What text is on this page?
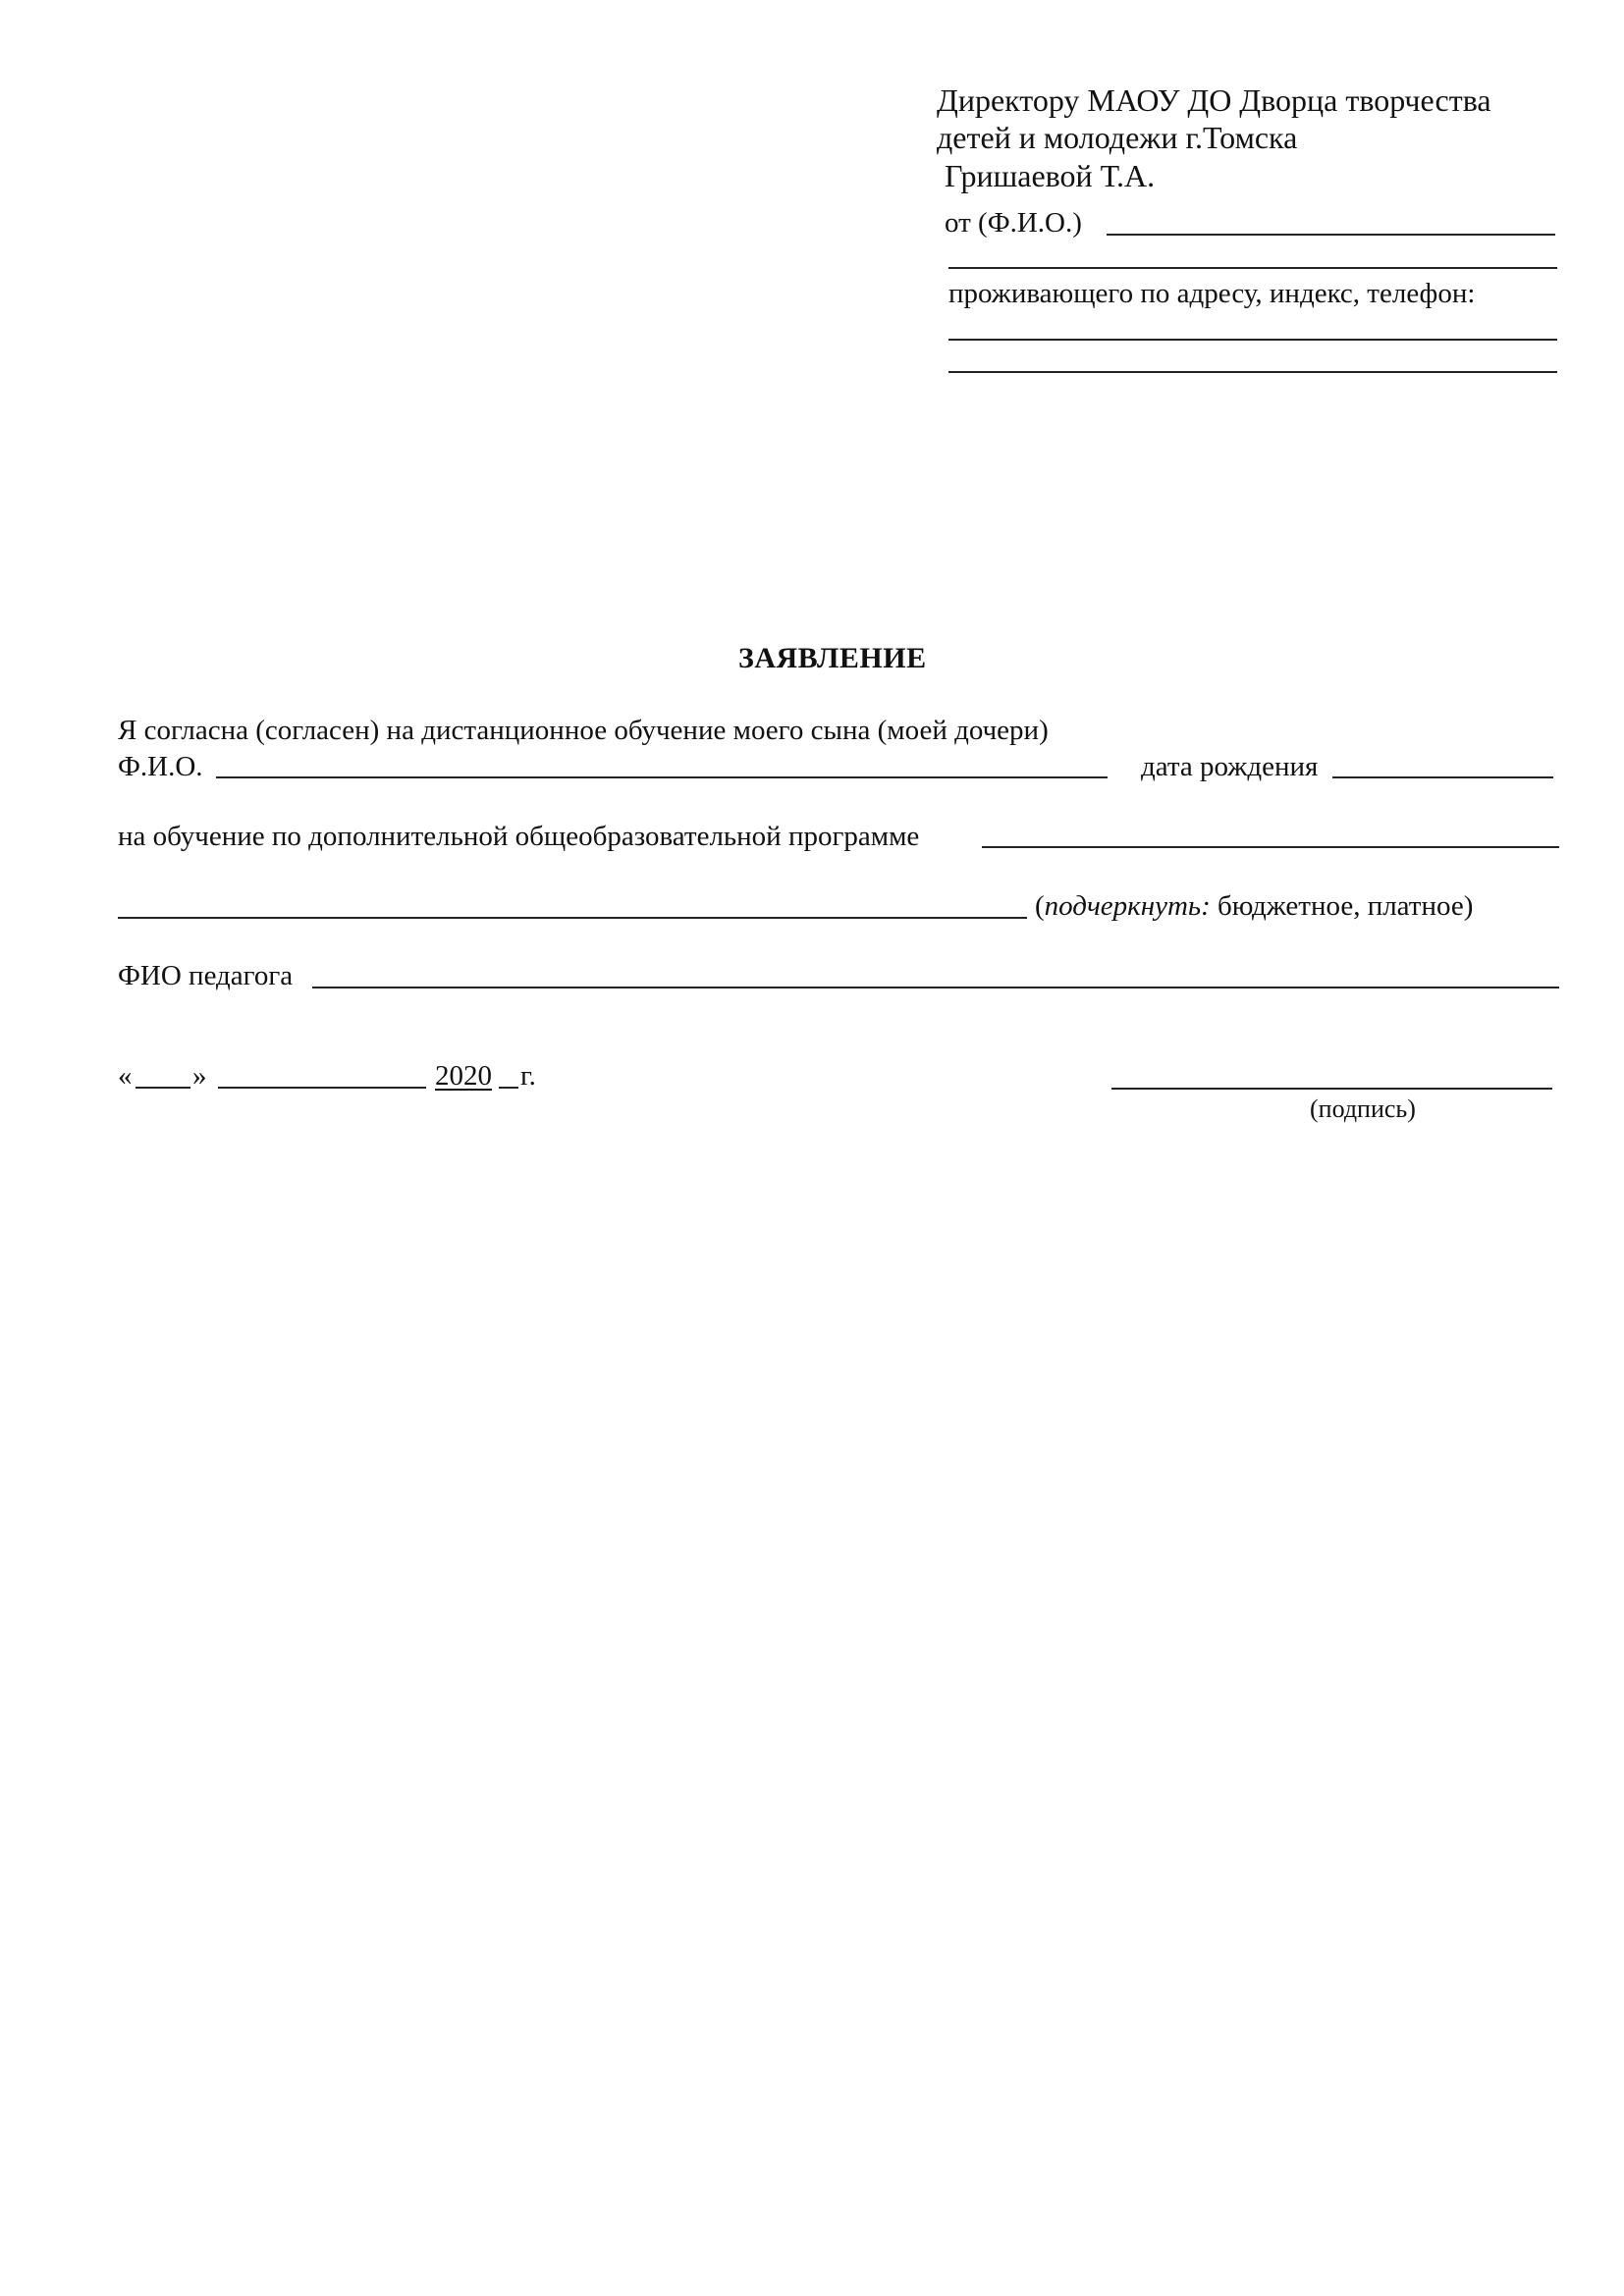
Директору МАОУ ДО Дворца творчества
детей и молодежи г.Томска
Гришаевой Т.А.
от (Ф.И.О.)
проживающего по адресу, индекс, телефон:
ЗАЯВЛЕНИЕ
Я согласна (согласен) на дистанционное обучение моего сына (моей дочери)
Ф.И.О.	дата рождения
на обучение по дополнительной общеобразовательной программе
(подчеркнуть: бюджетное, платное)
ФИО педагога
« »	2020 г.
(подпись)
